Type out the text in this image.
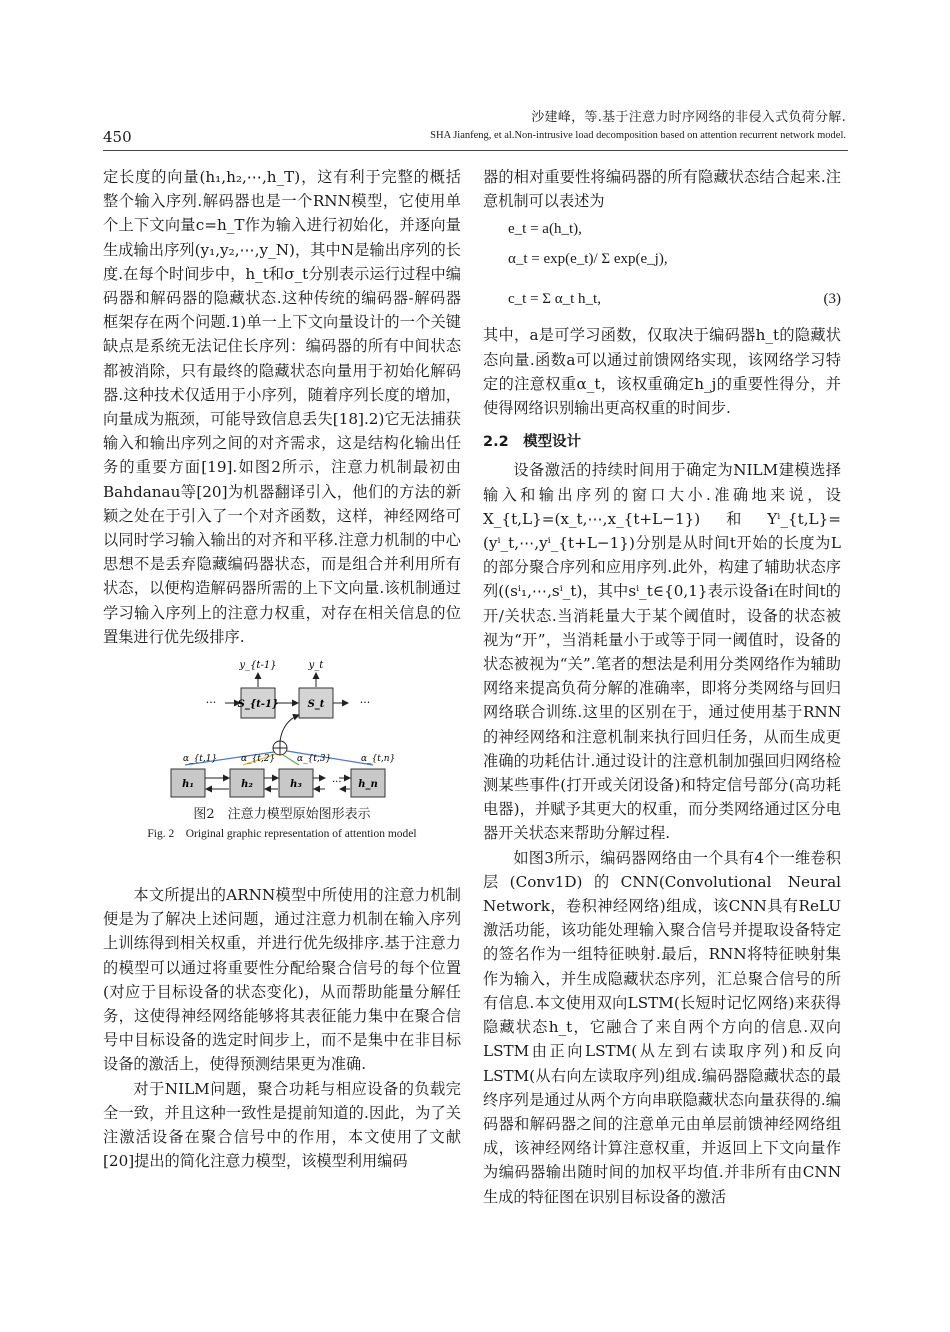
沙建峰，等.基于注意力时序网络的非侵入式负荷分解.
450	SHA Jianfeng, et al.Non-intrusive load decomposition based on attention recurrent network model.

定长度的向量(h₁,h₂,⋯,h_T)，这有利于完整的概括整个输入序列.解码器也是一个RNN模型，它使用单个上下文向量c=h_T作为输入进行初始化，并逐向量生成输出序列(y₁,y₂,⋯,y_N)，其中N是输出序列的长度.在每个时间步中，h_t和σ_t分别表示运行过程中编码器和解码器的隐藏状态.这种传统的编码器-解码器框架存在两个问题.1)单一上下文向量设计的一个关键缺点是系统无法记住长序列：编码器的所有中间状态都被消除，只有最终的隐藏状态向量用于初始化解码器.这种技术仅适用于小序列，随着序列长度的增加，向量成为瓶颈，可能导致信息丢失[18].2)它无法捕获输入和输出序列之间的对齐需求，这是结构化输出任务的重要方面[19].如图2所示，注意力机制最初由Bahdanau等[20]为机器翻译引入，他们的方法的新颖之处在于引入了一个对齐函数，这样，神经网络可以同时学习输入输出的对齐和平移.注意力机制的中心思想不是丢弃隐藏编码器状态，而是组合并利用所有状态，以便构造解码器所需的上下文向量.该机制通过学习输入序列上的注意力权重，对存在相关信息的位置集进行优先级排序.

y_{t-1}	y_t
··· S_{t-1}	S_t	···
α_{t,1}	α_{t,2} α_{t,3}	α_{t,n}
h₁	h₂	h₃	h_n
···
图2　注意力模型原始图形表示
Fig. 2　Original graphic representation of attention model

本文所提出的ARNN模型中所使用的注意力机制便是为了解决上述问题，通过注意力机制在输入序列上训练得到相关权重，并进行优先级排序.基于注意力的模型可以通过将重要性分配给聚合信号的每个位置(对应于目标设备的状态变化)，从而帮助能量分解任务，这使得神经网络能够将其表征能力集中在聚合信号中目标设备的选定时间步上，而不是集中在非目标设备的激活上，使得预测结果更为准确.

对于NILM问题，聚合功耗与相应设备的负载完全一致，并且这种一致性是提前知道的.因此，为了关注激活设备在聚合信号中的作用，本文使用了文献[20]提出的简化注意力模型，该模型利用编码

器的相对重要性将编码器的所有隐藏状态结合起来.注意机制可以表述为

e_t = a(h_t),
α_t = exp(e_t)/ Σ exp(e_j),
c_t = Σ α_t h_t,	(3)

其中，a是可学习函数，仅取决于编码器h_t的隐藏状态向量.函数a可以通过前馈网络实现，该网络学习特定的注意权重α_t，该权重确定h_j的重要性得分，并使得网络识别输出更高权重的时间步.

2.2　模型设计

设备激活的持续时间用于确定为NILM建模选择输入和输出序列的窗口大小.准确地来说，设X_{t,L}=(x_t,⋯,x_{t+L−1})和Yⁱ_{t,L}=(yⁱ_t,⋯,yⁱ_{t+L−1})分别是从时间t开始的长度为L的部分聚合序列和应用序列.此外，构建了辅助状态序列((sⁱ₁,⋯,sⁱ_t)，其中sⁱ_t∈{0,1}表示设备i在时间t的开/关状态.当消耗量大于某个阈值时，设备的状态被视为“开”，当消耗量小于或等于同一阈值时，设备的状态被视为“关”.笔者的想法是利用分类网络作为辅助网络来提高负荷分解的准确率，即将分类网络与回归网络联合训练.这里的区别在于，通过使用基于RNN的神经网络和注意机制来执行回归任务，从而生成更准确的功耗估计.通过设计的注意机制加强回归网络检测某些事件(打开或关闭设备)和特定信号部分(高功耗电器)，并赋予其更大的权重，而分类网络通过区分电器开关状态来帮助分解过程.

如图3所示，编码器网络由一个具有4个一维卷积层(Conv1D)的CNN(Convolutional Neural Network，卷积神经网络)组成，该CNN具有ReLU激活功能，该功能处理输入聚合信号并提取设备特定的签名作为一组特征映射.最后，RNN将特征映射集作为输入，并生成隐藏状态序列，汇总聚合信号的所有信息.本文使用双向LSTM(长短时记忆网络)来获得隐藏状态h_t，它融合了来自两个方向的信息.双向LSTM由正向LSTM(从左到右读取序列)和反向LSTM(从右向左读取序列)组成.编码器隐藏状态的最终序列是通过从两个方向串联隐藏状态向量获得的.编码器和解码器之间的注意单元由单层前馈神经网络组成，该神经网络计算注意权重，并返回上下文向量作为编码器输出随时间的加权平均值.并非所有由CNN生成的特征图在识别目标设备的激活
